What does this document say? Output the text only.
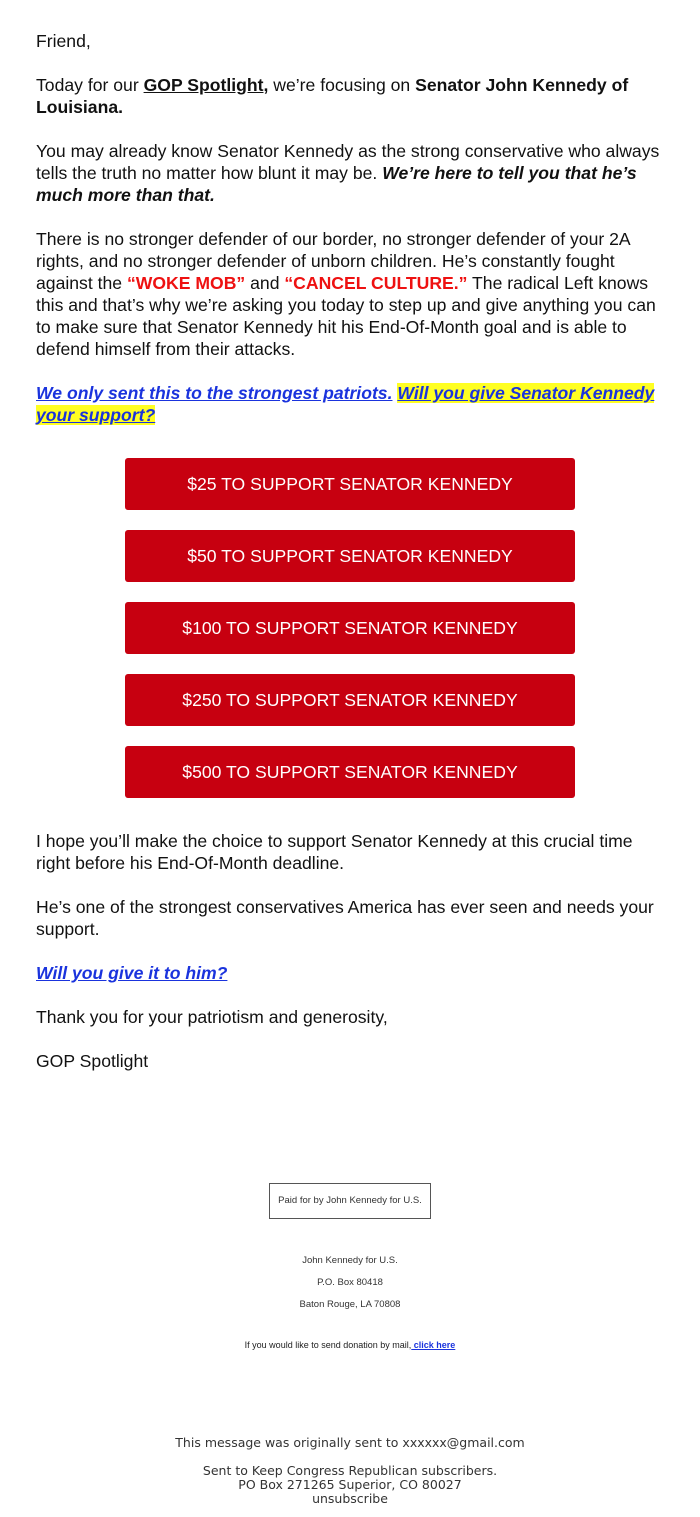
Friend,

Today for our GOP Spotlight, we’re focusing on Senator John Kennedy of Louisiana.

You may already know Senator Kennedy as the strong conservative who always tells the truth no matter how blunt it may be. We’re here to tell you that he’s much more than that.

There is no stronger defender of our border, no stronger defender of your 2A rights, and no stronger defender of unborn children. He’s constantly fought against the “WOKE MOB” and “CANCEL CULTURE.” The radical Left knows this and that’s why we’re asking you today to step up and give anything you can to make sure that Senator Kennedy hit his End-Of-Month goal and is able to defend himself from their attacks.

We only sent this to the strongest patriots. Will you give Senator Kennedy your support?

$25 TO SUPPORT SENATOR KENNEDY
$50 TO SUPPORT SENATOR KENNEDY
$100 TO SUPPORT SENATOR KENNEDY
$250 TO SUPPORT SENATOR KENNEDY
$500 TO SUPPORT SENATOR KENNEDY

I hope you’ll make the choice to support Senator Kennedy at this crucial time right before his End-Of-Month deadline.

He’s one of the strongest conservatives America has ever seen and needs your support.

Will you give it to him?

Thank you for your patriotism and generosity,

GOP Spotlight

Paid for by John Kennedy for U.S.
John Kennedy for U.S.
P.O. Box 80418
Baton Rouge, LA 70808
If you would like to send donation by mail, click here
This message was originally sent to xxxxxx@gmail.com
Sent to Keep Congress Republican subscribers.
PO Box 271265 Superior, CO 80027
unsubscribe
